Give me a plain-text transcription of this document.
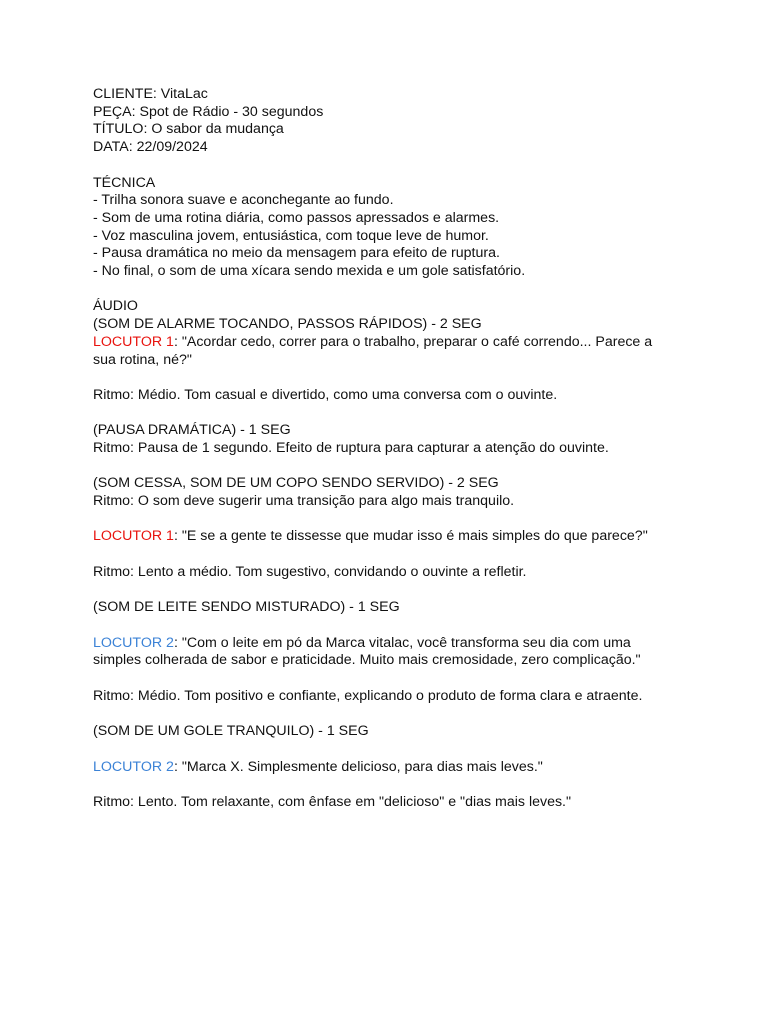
CLIENTE: VitaLac

PEÇA: Spot de Rádio - 30 segundos

TÍTULO: O sabor da mudança

DATA: 22/09/2024

TÉCNICA

- Trilha sonora suave e aconchegante ao fundo.

- Som de uma rotina diária, como passos apressados e alarmes.

- Voz masculina jovem, entusiástica, com toque leve de humor.

- Pausa dramática no meio da mensagem para efeito de ruptura.

- No final, o som de uma xícara sendo mexida e um gole satisfatório.

ÁUDIO

(SOM DE ALARME TOCANDO, PASSOS RÁPIDOS) - 2 SEG

LOCUTOR 1: "Acordar cedo, correr para o trabalho, preparar o café correndo... Parece a

sua rotina, né?"

Ritmo: Médio. Tom casual e divertido, como uma conversa com o ouvinte.

(PAUSA DRAMÁTICA) - 1 SEG

Ritmo: Pausa de 1 segundo. Efeito de ruptura para capturar a atenção do ouvinte.

(SOM CESSA, SOM DE UM COPO SENDO SERVIDO) - 2 SEG

Ritmo: O som deve sugerir uma transição para algo mais tranquilo.

LOCUTOR 1: "E se a gente te dissesse que mudar isso é mais simples do que parece?"

Ritmo: Lento a médio. Tom sugestivo, convidando o ouvinte a refletir.

(SOM DE LEITE SENDO MISTURADO) - 1 SEG

LOCUTOR 2: "Com o leite em pó da Marca vitalac, você transforma seu dia com uma

simples colherada de sabor e praticidade. Muito mais cremosidade, zero complicação."

Ritmo: Médio. Tom positivo e confiante, explicando o produto de forma clara e atraente.

(SOM DE UM GOLE TRANQUILO) - 1 SEG

LOCUTOR 2: "Marca X. Simplesmente delicioso, para dias mais leves."

Ritmo: Lento. Tom relaxante, com ênfase em "delicioso" e "dias mais leves."
